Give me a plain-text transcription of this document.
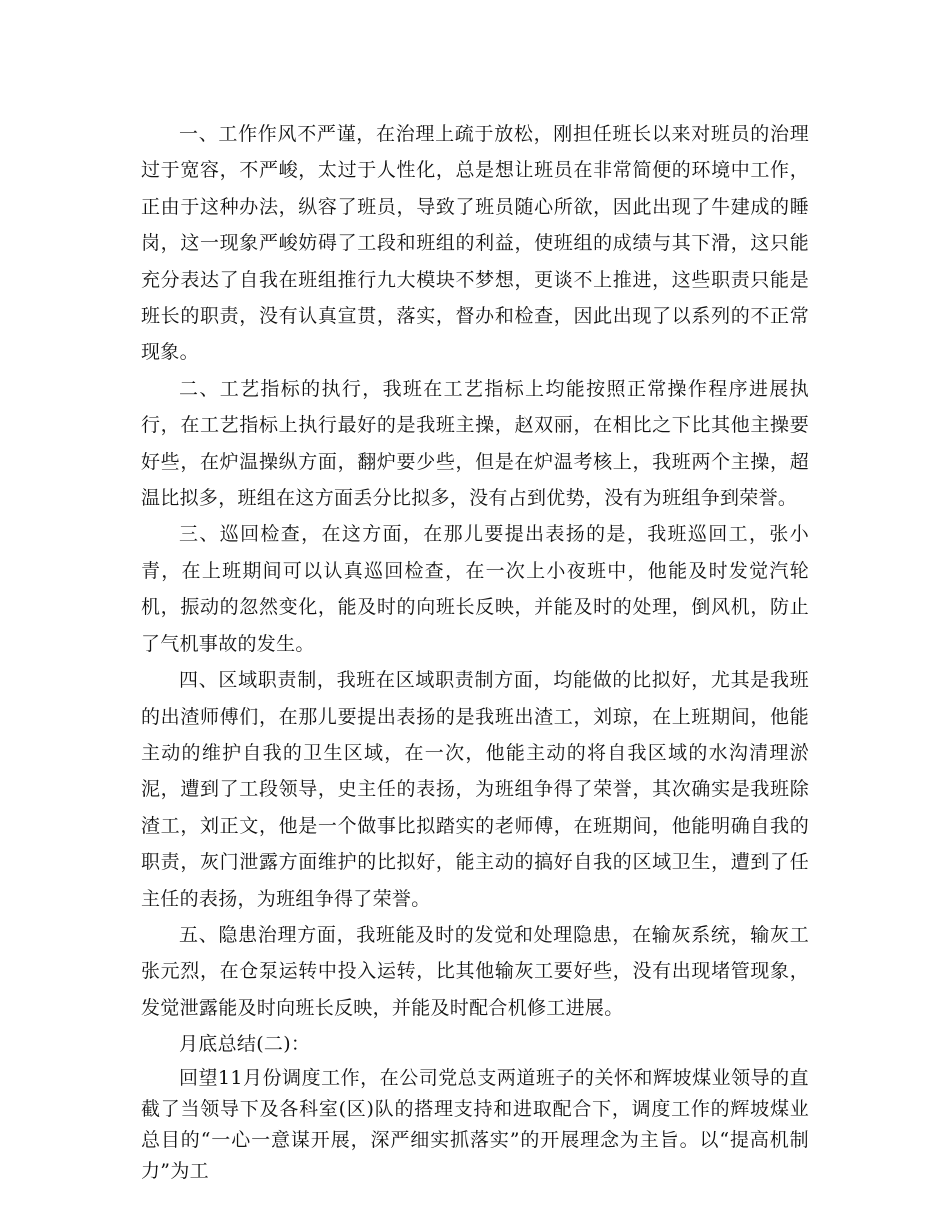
一、工作作风不严谨，在治理上疏于放松，刚担任班长以来对班员的治理过于宽容，不严峻，太过于人性化，总是想让班员在非常简便的环境中工作，正由于这种办法，纵容了班员，导致了班员随心所欲，因此出现了牛建成的睡岗，这一现象严峻妨碍了工段和班组的利益，使班组的成绩与其下滑，这只能充分表达了自我在班组推行九大模块不梦想，更谈不上推进，这些职责只能是班长的职责，没有认真宣贯，落实，督办和检查，因此出现了以系列的不正常现象。

二、工艺指标的执行，我班在工艺指标上均能按照正常操作程序进展执行，在工艺指标上执行最好的是我班主操，赵双丽，在相比之下比其他主操要好些，在炉温操纵方面，翻炉要少些，但是在炉温考核上，我班两个主操，超温比拟多，班组在这方面丢分比拟多，没有占到优势，没有为班组争到荣誉。

三、巡回检查，在这方面，在那儿要提出表扬的是，我班巡回工，张小青，在上班期间可以认真巡回检查，在一次上小夜班中，他能及时发觉汽轮机，振动的忽然变化，能及时的向班长反映，并能及时的处理，倒风机，防止了气机事故的发生。

四、区域职责制，我班在区域职责制方面，均能做的比拟好，尤其是我班的出渣师傅们，在那儿要提出表扬的是我班出渣工，刘琼，在上班期间，他能主动的维护自我的卫生区域，在一次，他能主动的将自我区域的水沟清理淤泥，遭到了工段领导，史主任的表扬，为班组争得了荣誉，其次确实是我班除渣工，刘正文，他是一个做事比拟踏实的老师傅，在班期间，他能明确自我的职责，灰门泄露方面维护的比拟好，能主动的搞好自我的区域卫生，遭到了任主任的表扬，为班组争得了荣誉。

五、隐患治理方面，我班能及时的发觉和处理隐患，在输灰系统，输灰工张元烈，在仓泵运转中投入运转，比其他输灰工要好些，没有出现堵管现象，发觉泄露能及时向班长反映，并能及时配合机修工进展。

月底总结(二)：

回望11月份调度工作，在公司党总支两道班子的关怀和辉坡煤业领导的直截了当领导下及各科室(区)队的搭理支持和进取配合下，调度工作的辉坡煤业总目的“一心一意谋开展，深严细实抓落实”的开展理念为主旨。以“提高机制力”为工
